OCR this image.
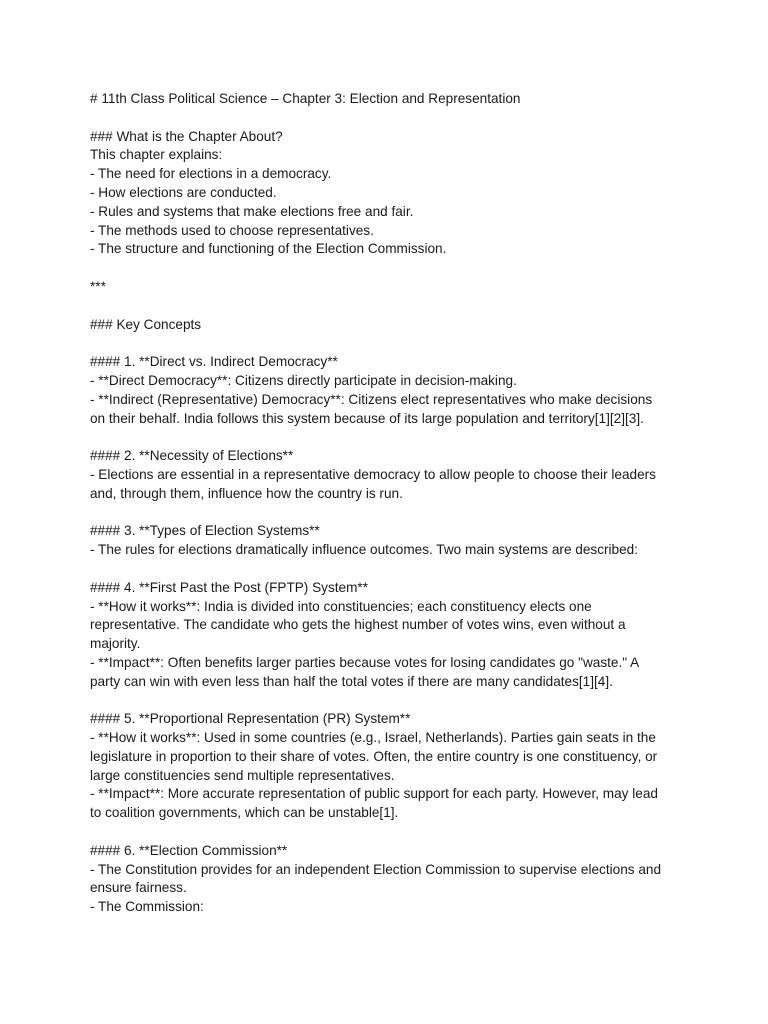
# 11th Class Political Science – Chapter 3: Election and Representation
### What is the Chapter About?
This chapter explains:
- The need for elections in a democracy.
- How elections are conducted.
- Rules and systems that make elections free and fair.
- The methods used to choose representatives.
- The structure and functioning of the Election Commission.
***
### Key Concepts
#### 1. **Direct vs. Indirect Democracy**
- **Direct Democracy**: Citizens directly participate in decision-making.
- **Indirect (Representative) Democracy**: Citizens elect representatives who make decisions
on their behalf. India follows this system because of its large population and territory[1][2][3].
#### 2. **Necessity of Elections**
- Elections are essential in a representative democracy to allow people to choose their leaders
and, through them, influence how the country is run.
#### 3. **Types of Election Systems**
- The rules for elections dramatically influence outcomes. Two main systems are described:
#### 4. **First Past the Post (FPTP) System**
- **How it works**: India is divided into constituencies; each constituency elects one
representative. The candidate who gets the highest number of votes wins, even without a
majority.
- **Impact**: Often benefits larger parties because votes for losing candidates go "waste." A
party can win with even less than half the total votes if there are many candidates[1][4].
#### 5. **Proportional Representation (PR) System**
- **How it works**: Used in some countries (e.g., Israel, Netherlands). Parties gain seats in the
legislature in proportion to their share of votes. Often, the entire country is one constituency, or
large constituencies send multiple representatives.
- **Impact**: More accurate representation of public support for each party. However, may lead
to coalition governments, which can be unstable[1].
#### 6. **Election Commission**
- The Constitution provides for an independent Election Commission to supervise elections and
ensure fairness.
- The Commission:
